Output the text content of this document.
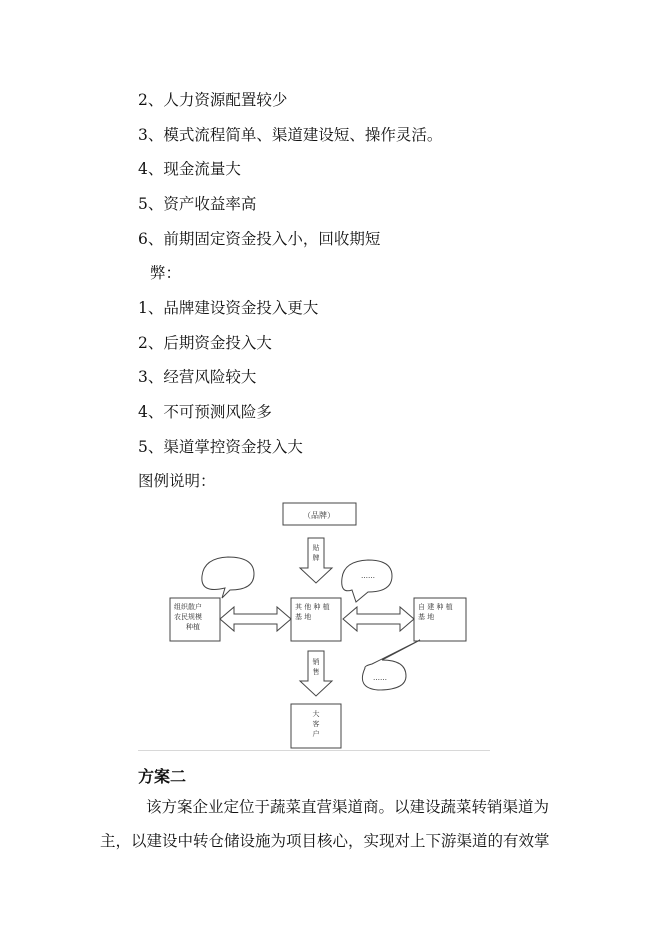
2、人力资源配置较少
3、模式流程简单、渠道建设短、操作灵活。
4、现金流量大
5、资产收益率高
6、前期固定资金投入小，回收期短
弊：
1、品牌建设资金投入更大
2、后期资金投入大
3、经营风险较大
4、不可预测风险多
5、渠道掌控资金投入大
图例说明：
（品牌）
贴
牌
……
组织散户
农民规模
种植
其 他 种 植
基 地
自 建 种 植
基 地
……
销
售
大
客
户
方案二
该方案企业定位于蔬菜直营渠道商。以建设蔬菜转销渠道为
主，以建设中转仓储设施为项目核心，实现对上下游渠道的有效掌
